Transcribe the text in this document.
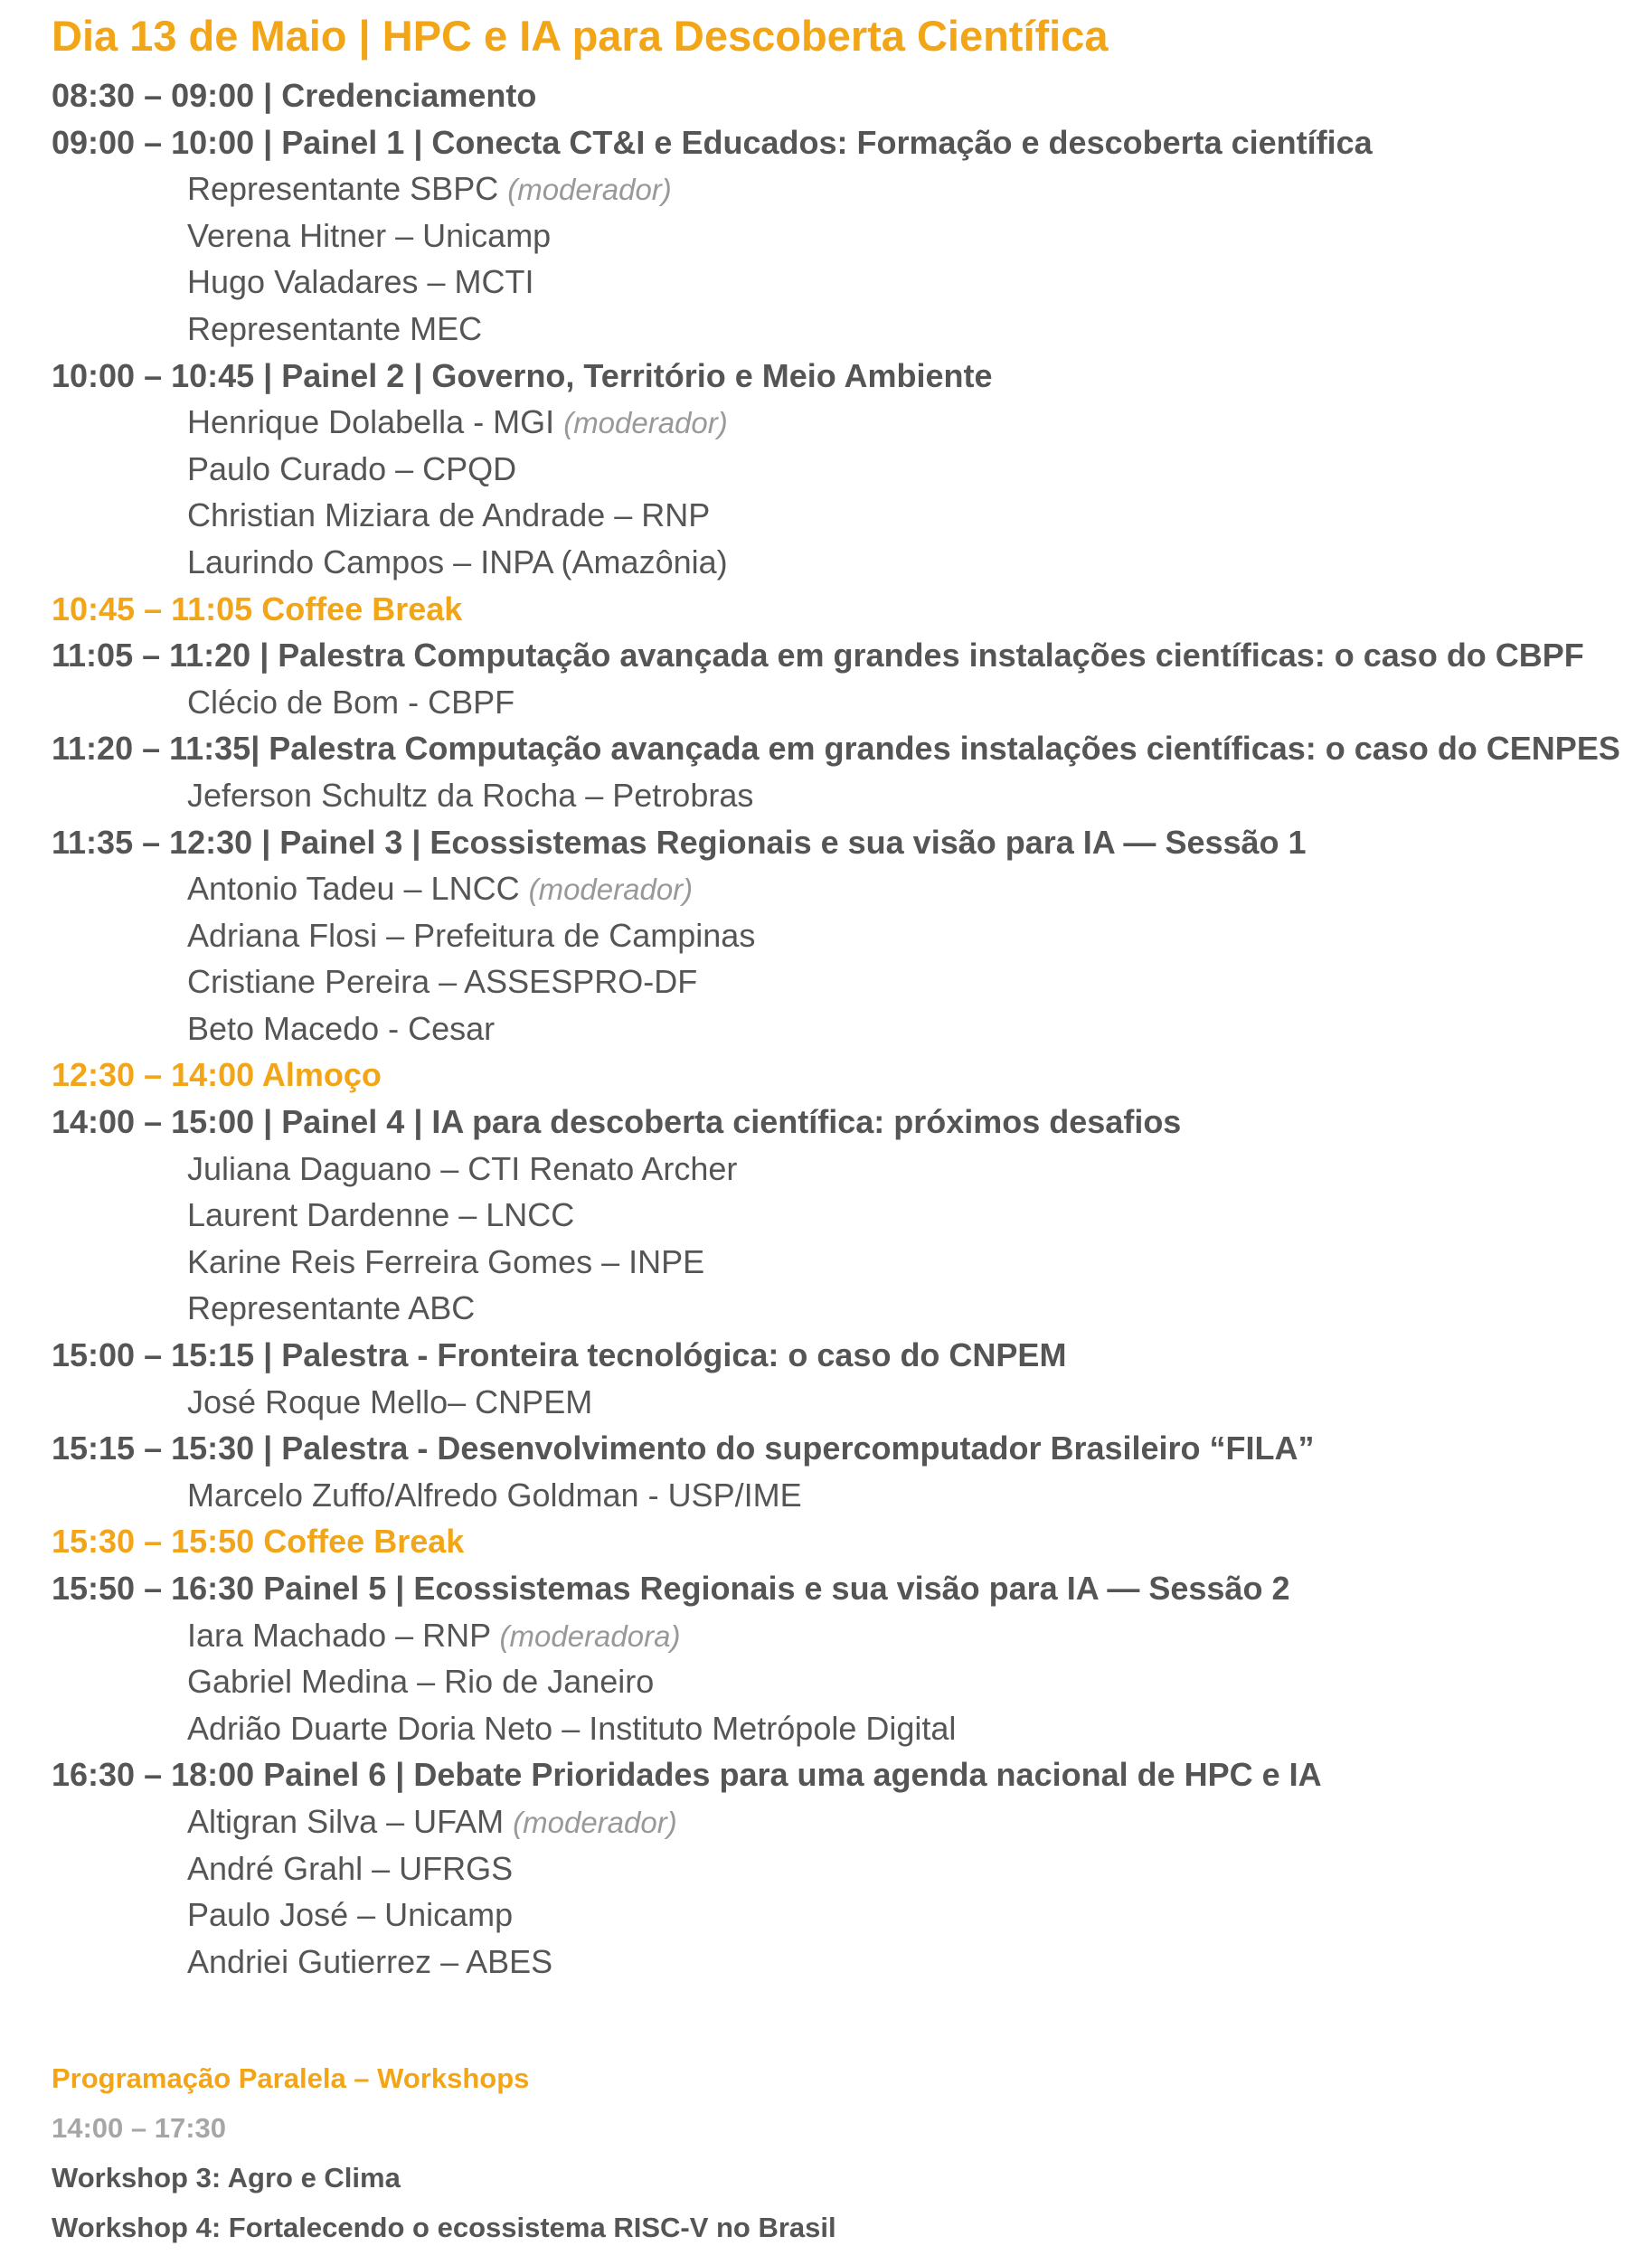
Dia 13 de Maio | HPC e IA para Descoberta Científica
08:30 – 09:00 | Credenciamento
09:00 – 10:00 | Painel 1 | Conecta CT&I e Educados: Formação e descoberta científica
Representante SBPC (moderador)
Verena Hitner – Unicamp
Hugo Valadares – MCTI
Representante MEC
10:00 – 10:45 | Painel 2 | Governo, Território e Meio Ambiente
Henrique Dolabella - MGI (moderador)
Paulo Curado – CPQD
Christian Miziara de Andrade – RNP
Laurindo Campos – INPA (Amazônia)
10:45 – 11:05 Coffee Break
11:05 – 11:20 | Palestra Computação avançada em grandes instalações científicas: o caso do CBPF
Clécio de Bom - CBPF
11:20 – 11:35| Palestra Computação avançada em grandes instalações científicas: o caso do CENPES
Jeferson Schultz da Rocha – Petrobras
11:35 – 12:30 | Painel 3 | Ecossistemas Regionais e sua visão para IA — Sessão 1
Antonio Tadeu – LNCC (moderador)
Adriana Flosi – Prefeitura de Campinas
Cristiane Pereira – ASSESPRO-DF
Beto Macedo - Cesar
12:30 – 14:00 Almoço
14:00 – 15:00 | Painel 4 | IA para descoberta científica: próximos desafios
Juliana Daguano – CTI Renato Archer
Laurent Dardenne – LNCC
Karine Reis Ferreira Gomes – INPE
Representante ABC
15:00 – 15:15 | Palestra - Fronteira tecnológica: o caso do CNPEM
José Roque Mello– CNPEM
15:15 – 15:30 | Palestra - Desenvolvimento do supercomputador Brasileiro “FILA”
Marcelo Zuffo/Alfredo Goldman - USP/IME
15:30 – 15:50 Coffee Break
15:50 – 16:30 Painel 5 | Ecossistemas Regionais e sua visão para IA — Sessão 2
Iara Machado – RNP (moderadora)
Gabriel Medina – Rio de Janeiro
Adrião Duarte Doria Neto – Instituto Metrópole Digital
16:30 – 18:00 Painel 6 | Debate Prioridades para uma agenda nacional de HPC e IA
Altigran Silva – UFAM (moderador)
André Grahl – UFRGS
Paulo José – Unicamp
Andriei Gutierrez – ABES
Programação Paralela – Workshops
14:00 – 17:30
Workshop 3: Agro e Clima
Workshop 4: Fortalecendo o ecossistema RISC-V no Brasil
